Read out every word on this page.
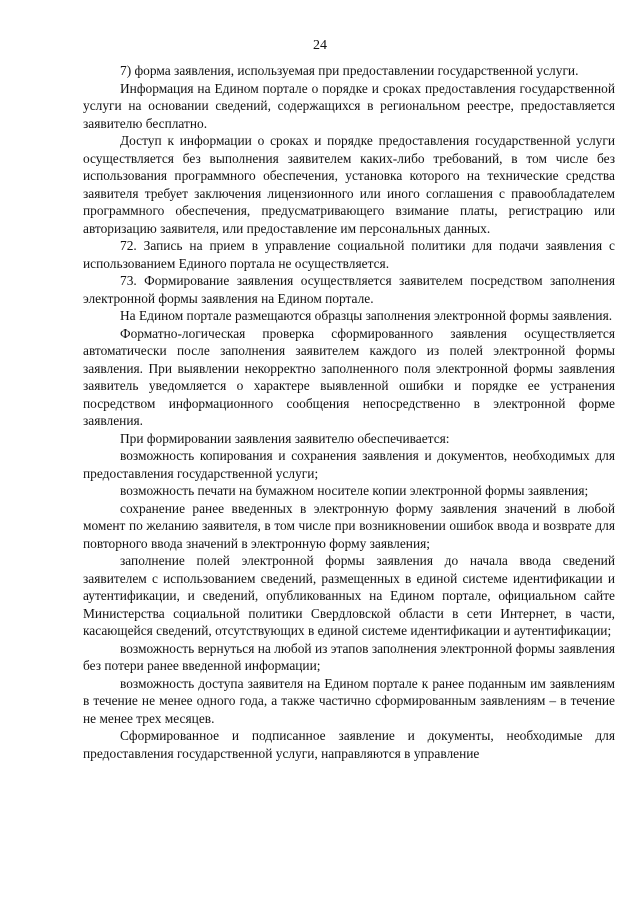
24

7) форма заявления, используемая при предоставлении государственной услуги.

Информация на Едином портале о порядке и сроках предоставления государственной услуги на основании сведений, содержащихся в региональном реестре, предоставляется заявителю бесплатно.

Доступ к информации о сроках и порядке предоставления государственной услуги осуществляется без выполнения заявителем каких-либо требований, в том числе без использования программного обеспечения, установка которого на технические средства заявителя требует заключения лицензионного или иного соглашения с правообладателем программного обеспечения, предусматривающего взимание платы, регистрацию или авторизацию заявителя, или предоставление им персональных данных.

72. Запись на прием в управление социальной политики для подачи заявления с использованием Единого портала не осуществляется.

73. Формирование заявления осуществляется заявителем посредством заполнения электронной формы заявления на Едином портале.

На Едином портале размещаются образцы заполнения электронной формы заявления.

Форматно-логическая проверка сформированного заявления осуществляется автоматически после заполнения заявителем каждого из полей электронной формы заявления. При выявлении некорректно заполненного поля электронной формы заявления заявитель уведомляется о характере выявленной ошибки и порядке ее устранения посредством информационного сообщения непосредственно в электронной форме заявления.

При формировании заявления заявителю обеспечивается:

возможность копирования и сохранения заявления и документов, необходимых для предоставления государственной услуги;

возможность печати на бумажном носителе копии электронной формы заявления;

сохранение ранее введенных в электронную форму заявления значений в любой момент по желанию заявителя, в том числе при возникновении ошибок ввода и возврате для повторного ввода значений в электронную форму заявления;

заполнение полей электронной формы заявления до начала ввода сведений заявителем с использованием сведений, размещенных в единой системе идентификации и аутентификации, и сведений, опубликованных на Едином портале, официальном сайте Министерства социальной политики Свердловской области в сети Интернет, в части, касающейся сведений, отсутствующих в единой системе идентификации и аутентификации;

возможность вернуться на любой из этапов заполнения электронной формы заявления без потери ранее введенной информации;

возможность доступа заявителя на Едином портале к ранее поданным им заявлениям в течение не менее одного года, а также частично сформированным заявлениям – в течение не менее трех месяцев.

Сформированное и подписанное заявление и документы, необходимые для предоставления государственной услуги, направляются в управление
